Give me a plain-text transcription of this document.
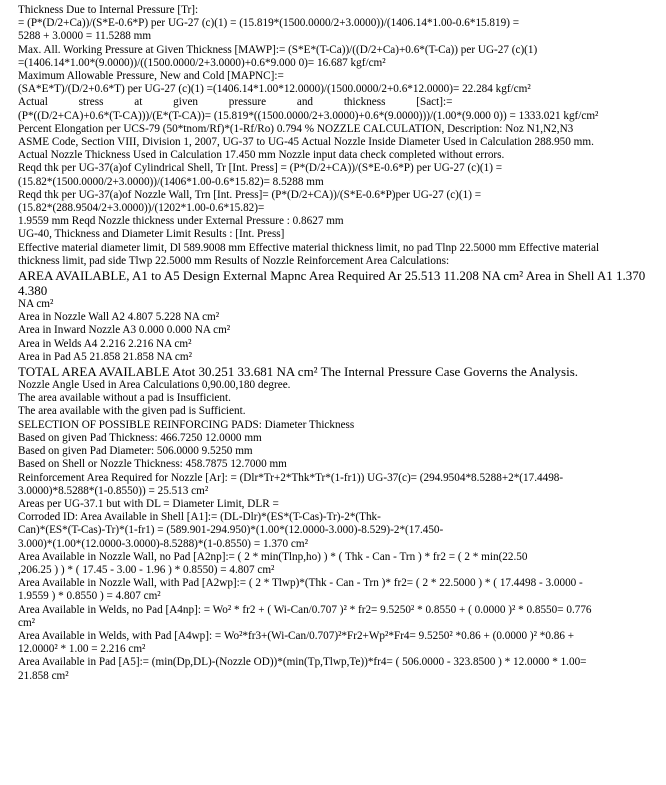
Thickness Due to Internal Pressure [Tr]:
= (P*(D/2+Ca))/(S*E-0.6*P) per UG-27 (c)(1) = (15.819*(1500.0000/2+3.0000))/(1406.14*1.00-0.6*15.819) =
5288 + 3.0000 = 11.5288 mm
Max. All. Working Pressure at Given Thickness [MAWP]:= (S*E*(T-Ca))/((D/2+Ca)+0.6*(T-Ca)) per UG-27 (c)(1)
=(1406.14*1.00*(9.0000))/((1500.0000/2+3.0000)+0.6*9.000 0)= 16.687 kgf/cm²
Maximum Allowable Pressure, New and Cold [MAPNC]:=
(SA*E*T)/(D/2+0.6*T) per UG-27 (c)(1) =(1406.14*1.00*12.0000)/(1500.0000/2+0.6*12.0000)= 22.284 kgf/cm²
Actual stress at given pressure and thickness [Sact]:=
(P*((D/2+CA)+0.6*(T-CA)))/(E*(T-CA))= (15.819*((1500.0000/2+3.0000)+0.6*(9.0000)))/(1.00*(9.000 0)) = 1333.021 kgf/cm²
Percent Elongation per UCS-79 (50*tnom/Rf)*(1-Rf/Ro) 0.794 % NOZZLE CALCULATION, Description: Noz N1,N2,N3
ASME Code, Section VIII, Division 1, 2007, UG-37 to UG-45 Actual Nozzle Inside Diameter Used in Calculation 288.950 mm.
Actual Nozzle Thickness Used in Calculation 17.450 mm Nozzle input data check completed without errors.
Reqd thk per UG-37(a)of Cylindrical Shell, Tr [Int. Press] = (P*(D/2+CA))/(S*E-0.6*P) per UG-27 (c)(1) =
(15.82*(1500.0000/2+3.0000))/(1406*1.00-0.6*15.82)= 8.5288 mm
Reqd thk per UG-37(a)of Nozzle Wall, Trn [Int. Press]= (P*(D/2+CA))/(S*E-0.6*P)per UG-27 (c)(1) =
(15.82*(288.9504/2+3.0000))/(1202*1.00-0.6*15.82)=
1.9559 mm Reqd Nozzle thickness under External Pressure : 0.8627 mm
UG-40, Thickness and Diameter Limit Results : [Int. Press]
Effective material diameter limit, Dl 589.9008 mm Effective material thickness limit, no pad Tlnp 22.5000 mm Effective material
thickness limit, pad side Tlwp 22.5000 mm Results of Nozzle Reinforcement Area Calculations:
AREA AVAILABLE, A1 to A5 Design External Mapnc Area Required Ar 25.513 11.208 NA cm² Area in Shell A1 1.370 4.380
NA cm²
Area in Nozzle Wall A2 4.807 5.228 NA cm²
Area in Inward Nozzle A3 0.000 0.000 NA cm²
Area in Welds A4 2.216 2.216 NA cm²
Area in Pad A5 21.858 21.858 NA cm²
TOTAL AREA AVAILABLE Atot 30.251 33.681 NA cm² The Internal Pressure Case Governs the Analysis.
Nozzle Angle Used in Area Calculations 0,90.00,180 degree.
The area available without a pad is Insufficient.
The area available with the given pad is Sufficient.
SELECTION OF POSSIBLE REINFORCING PADS: Diameter Thickness
Based on given Pad Thickness: 466.7250 12.0000 mm
Based on given Pad Diameter: 506.0000 9.5250 mm
Based on Shell or Nozzle Thickness: 458.7875 12.7000 mm
Reinforcement Area Required for Nozzle [Ar]: = (Dlr*Tr+2*Thk*Tr*(1-fr1)) UG-37(c)= (294.9504*8.5288+2*(17.4498-
3.0000)*8.5288*(1-0.8550)) = 25.513 cm²
Areas per UG-37.1 but with DL = Diameter Limit, DLR =
Corroded ID: Area Available in Shell [A1]:= (DL-Dlr)*(ES*(T-Cas)-Tr)-2*(Thk-
Can)*(ES*(T-Cas)-Tr)*(1-fr1) = (589.901-294.950)*(1.00*(12.0000-3.000)-8.529)-2*(17.450-
3.000)*(1.00*(12.0000-3.0000)-8.5288)*(1-0.8550) = 1.370 cm²
Area Available in Nozzle Wall, no Pad [A2np]:= ( 2 * min(Tlnp,ho) ) * ( Thk - Can - Trn ) * fr2 = ( 2 * min(22.50
,206.25 ) ) * ( 17.45 - 3.00 - 1.96 ) * 0.8550) = 4.807 cm²
Area Available in Nozzle Wall, with Pad [A2wp]:= ( 2 * Tlwp)*(Thk - Can - Trn )* fr2= ( 2 * 22.5000 ) * ( 17.4498 - 3.0000 -
1.9559 ) * 0.8550 ) = 4.807 cm²
Area Available in Welds, no Pad [A4np]: = Wo² * fr2 + ( Wi-Can/0.707 )² * fr2= 9.5250² * 0.8550 + ( 0.0000 )² * 0.8550= 0.776
cm²
Area Available in Welds, with Pad [A4wp]: = Wo²*fr3+(Wi-Can/0.707)²*Fr2+Wp²*Fr4= 9.5250² *0.86 + (0.0000 )² *0.86 +
12.0000² * 1.00 = 2.216 cm²
Area Available in Pad [A5]:= (min(Dp,DL)-(Nozzle OD))*(min(Tp,Tlwp,Te))*fr4= ( 506.0000 - 323.8500 ) * 12.0000 * 1.00=
21.858 cm²
